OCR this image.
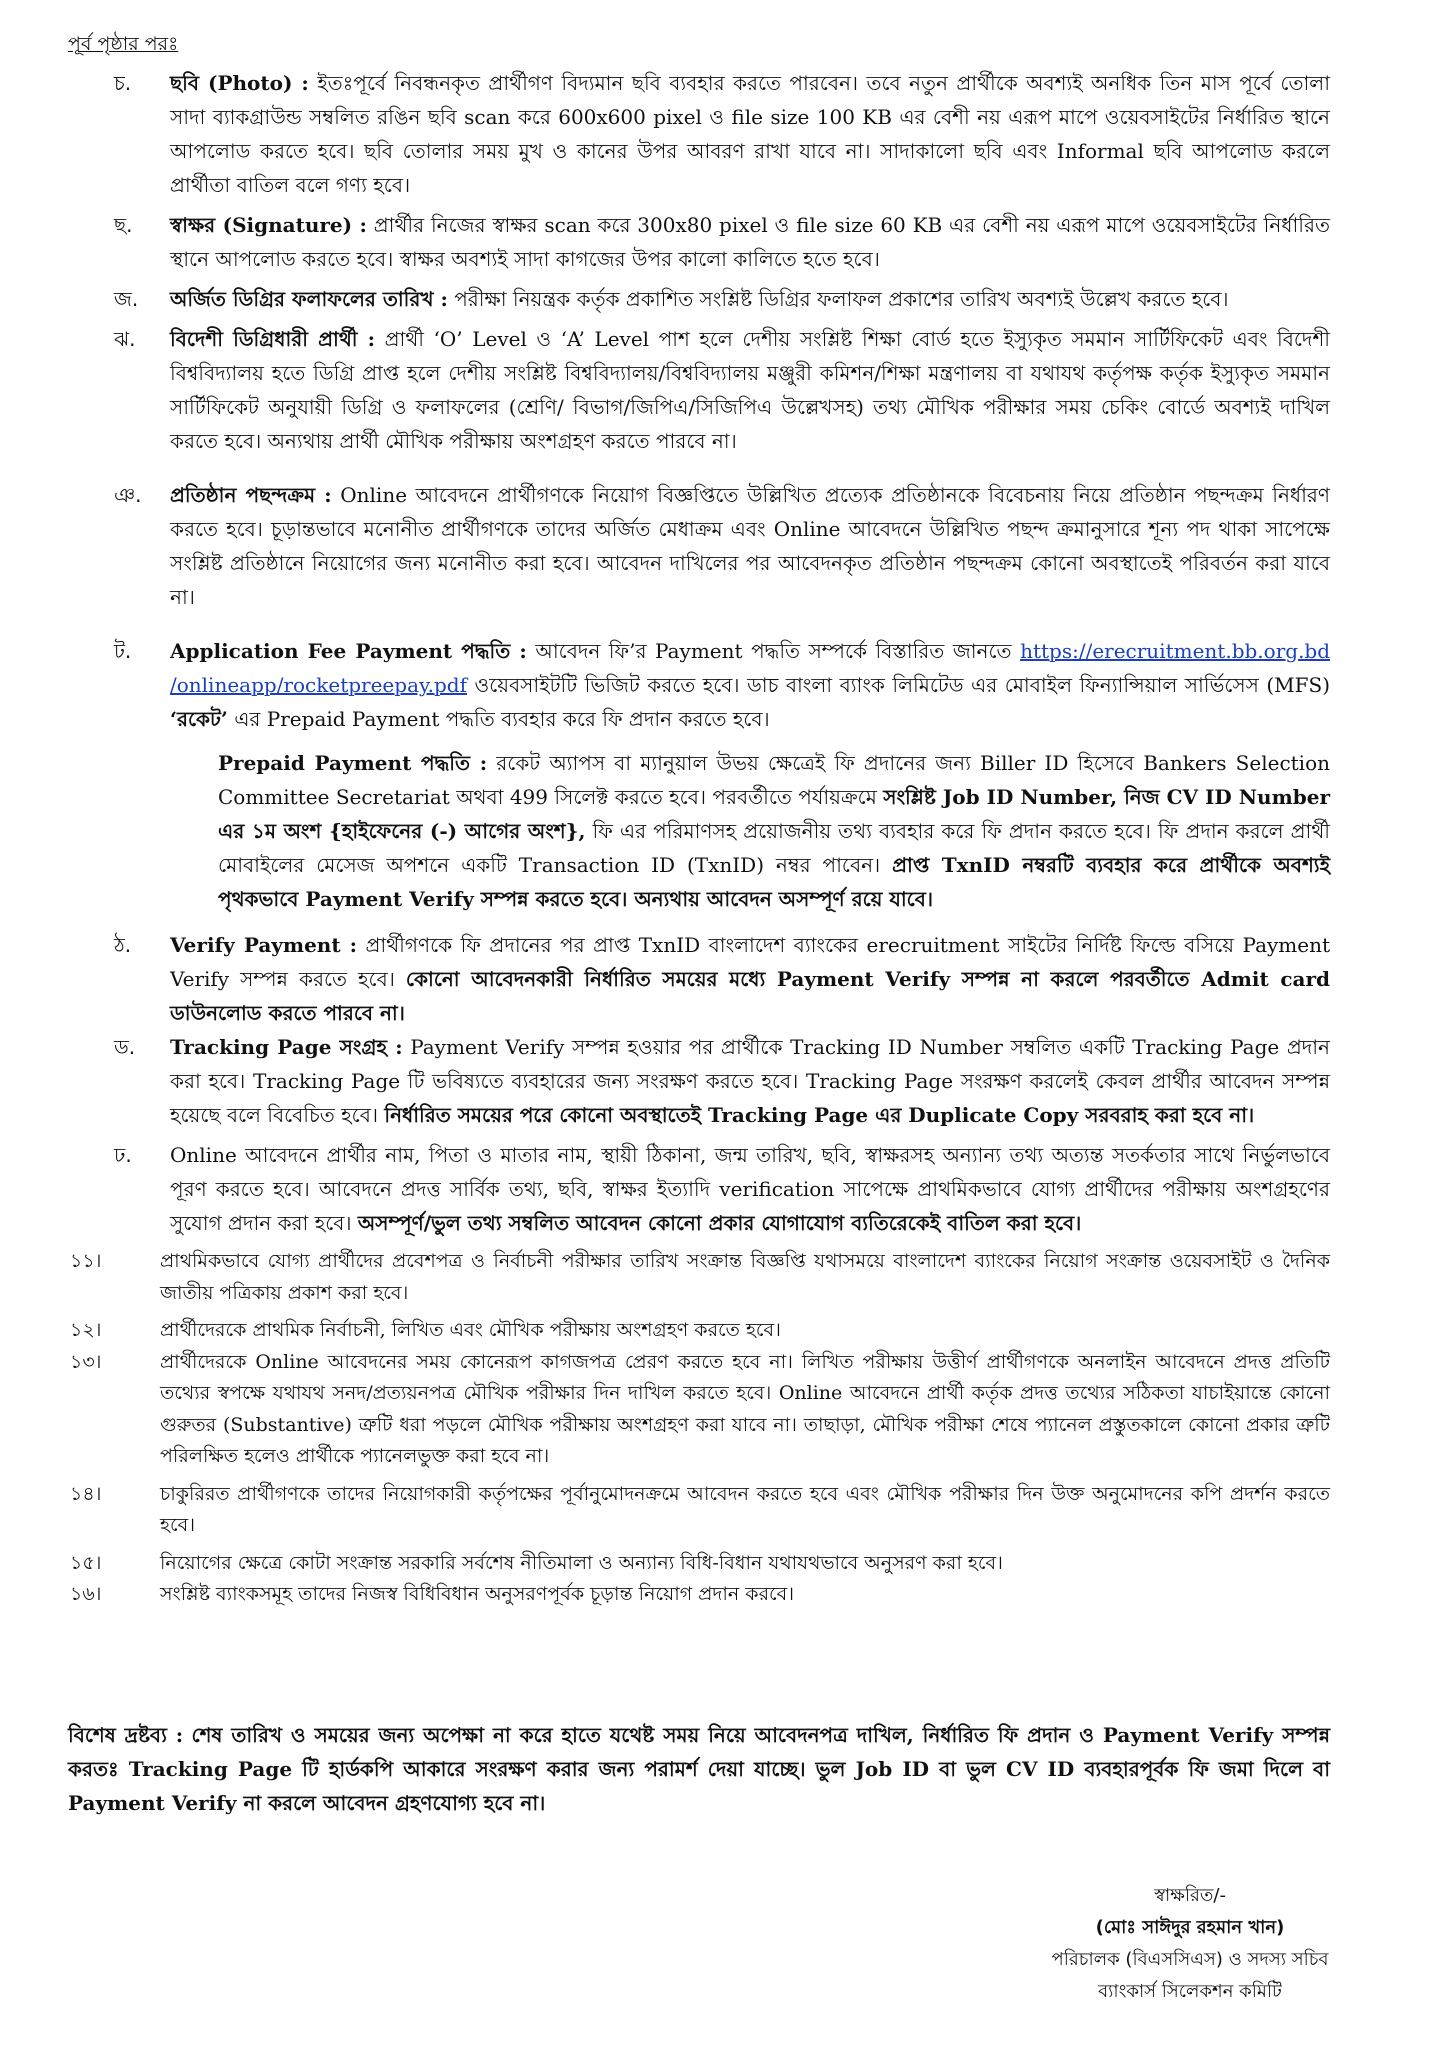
পূর্ব পৃষ্ঠার পরঃ
চ.	ছবি (Photo) : ইতঃপূর্বে নিবন্ধনকৃত প্রার্থীগণ বিদ্যমান ছবি ব্যবহার করতে পারবেন। তবে নতুন প্রার্থীকে অবশ্যই অনধিক তিন মাস পূর্বে তোলা সাদা ব্যাকগ্রাউন্ড সম্বলিত রঙিন ছবি scan করে 600x600 pixel ও file size 100 KB এর বেশী নয় এরূপ মাপে ওয়েবসাইটের নির্ধারিত স্থানে আপলোড করতে হবে। ছবি তোলার সময় মুখ ও কানের উপর আবরণ রাখা যাবে না। সাদাকালো ছবি এবং Informal ছবি আপলোড করলে প্রার্থীতা বাতিল বলে গণ্য হবে।
ছ.	স্বাক্ষর (Signature) : প্রার্থীর নিজের স্বাক্ষর scan করে 300x80 pixel ও file size 60 KB এর বেশী নয় এরূপ মাপে ওয়েবসাইটের নির্ধারিত স্থানে আপলোড করতে হবে। স্বাক্ষর অবশ্যই সাদা কাগজের উপর কালো কালিতে হতে হবে।
জ.	অর্জিত ডিগ্রির ফলাফলের তারিখ : পরীক্ষা নিয়ন্ত্রক কর্তৃক প্রকাশিত সংশ্লিষ্ট ডিগ্রির ফলাফল প্রকাশের তারিখ অবশ্যই উল্লেখ করতে হবে।
ঝ.	বিদেশী ডিগ্রিধারী প্রার্থী : প্রার্থী ‘O’ Level ও ‘A’ Level পাশ হলে দেশীয় সংশ্লিষ্ট শিক্ষা বোর্ড হতে ইস্যুকৃত সমমান সার্টিফিকেট এবং বিদেশী বিশ্ববিদ্যালয় হতে ডিগ্রি প্রাপ্ত হলে দেশীয় সংশ্লিষ্ট বিশ্ববিদ্যালয়/বিশ্ববিদ্যালয় মঞ্জুরী কমিশন/শিক্ষা মন্ত্রণালয় বা যথাযথ কর্তৃপক্ষ কর্তৃক ইস্যুকৃত সমমান সার্টিফিকেট অনুযায়ী ডিগ্রি ও ফলাফলের (শ্রেণি/ বিভাগ/জিপিএ/সিজিপিএ উল্লেখসহ) তথ্য মৌখিক পরীক্ষার সময় চেকিং বোর্ডে অবশ্যই দাখিল করতে হবে। অন্যথায় প্রার্থী মৌখিক পরীক্ষায় অংশগ্রহণ করতে পারবে না।
ঞ.	প্রতিষ্ঠান পছন্দক্রম : Online আবেদনে প্রার্থীগণকে নিয়োগ বিজ্ঞপ্তিতে উল্লিখিত প্রত্যেক প্রতিষ্ঠানকে বিবেচনায় নিয়ে প্রতিষ্ঠান পছন্দক্রম নির্ধারণ করতে হবে। চূড়ান্তভাবে মনোনীত প্রার্থীগণকে তাদের অর্জিত মেধাক্রম এবং Online আবেদনে উল্লিখিত পছন্দ ক্রমানুসারে শূন্য পদ থাকা সাপেক্ষে সংশ্লিষ্ট প্রতিষ্ঠানে নিয়োগের জন্য মনোনীত করা হবে। আবেদন দাখিলের পর আবেদনকৃত প্রতিষ্ঠান পছন্দক্রম কোনো অবস্থাতেই পরিবর্তন করা যাবে না।
ট.	Application Fee Payment পদ্ধতি : আবেদন ফি’র Payment পদ্ধতি সম্পর্কে বিস্তারিত জানতে https://erecruitment.bb.org.bd /onlineapp/rocketpreepay.pdf ওয়েবসাইটটি ভিজিট করতে হবে। ডাচ বাংলা ব্যাংক লিমিটেড এর মোবাইল ফিন্যান্সিয়াল সার্ভিসেস (MFS) ‘রকেট’ এর Prepaid Payment পদ্ধতি ব্যবহার করে ফি প্রদান করতে হবে।
Prepaid Payment পদ্ধতি : রকেট অ্যাপস বা ম্যানুয়াল উভয় ক্ষেত্রেই ফি প্রদানের জন্য Biller ID হিসেবে Bankers Selection Committee Secretariat অথবা 499 সিলেক্ট করতে হবে। পরবর্তীতে পর্যায়ক্রমে সংশ্লিষ্ট Job ID Number, নিজ CV ID Number এর ১ম অংশ {হাইফেনের (-) আগের অংশ}, ফি এর পরিমাণসহ প্রয়োজনীয় তথ্য ব্যবহার করে ফি প্রদান করতে হবে। ফি প্রদান করলে প্রার্থী মোবাইলের মেসেজ অপশনে একটি Transaction ID (TxnID) নম্বর পাবেন। প্রাপ্ত TxnID নম্বরটি ব্যবহার করে প্রার্থীকে অবশ্যই পৃথকভাবে Payment Verify সম্পন্ন করতে হবে। অন্যথায় আবেদন অসম্পূর্ণ রয়ে যাবে।
ঠ.	Verify Payment : প্রার্থীগণকে ফি প্রদানের পর প্রাপ্ত TxnID বাংলাদেশ ব্যাংকের erecruitment সাইটের নির্দিষ্ট ফিল্ডে বসিয়ে Payment Verify সম্পন্ন করতে হবে। কোনো আবেদনকারী নির্ধারিত সময়ের মধ্যে Payment Verify সম্পন্ন না করলে পরবর্তীতে Admit card ডাউনলোড করতে পারবে না।
ড.	Tracking Page সংগ্রহ : Payment Verify সম্পন্ন হওয়ার পর প্রার্থীকে Tracking ID Number সম্বলিত একটি Tracking Page প্রদান করা হবে। Tracking Page টি ভবিষ্যতে ব্যবহারের জন্য সংরক্ষণ করতে হবে। Tracking Page সংরক্ষণ করলেই কেবল প্রার্থীর আবেদন সম্পন্ন হয়েছে বলে বিবেচিত হবে। নির্ধারিত সময়ের পরে কোনো অবস্থাতেই Tracking Page এর Duplicate Copy সরবরাহ করা হবে না।
ঢ.	Online আবেদনে প্রার্থীর নাম, পিতা ও মাতার নাম, স্থায়ী ঠিকানা, জন্ম তারিখ, ছবি, স্বাক্ষরসহ অন্যান্য তথ্য অত্যন্ত সতর্কতার সাথে নির্ভুলভাবে পূরণ করতে হবে। আবেদনে প্রদত্ত সার্বিক তথ্য, ছবি, স্বাক্ষর ইত্যাদি verification সাপেক্ষে প্রাথমিকভাবে যোগ্য প্রার্থীদের পরীক্ষায় অংশগ্রহণের সুযোগ প্রদান করা হবে। অসম্পূর্ণ/ভুল তথ্য সম্বলিত আবেদন কোনো প্রকার যোগাযোগ ব্যতিরেকেই বাতিল করা হবে।
১১।	প্রাথমিকভাবে যোগ্য প্রার্থীদের প্রবেশপত্র ও নির্বাচনী পরীক্ষার তারিখ সংক্রান্ত বিজ্ঞপ্তি যথাসময়ে বাংলাদেশ ব্যাংকের নিয়োগ সংক্রান্ত ওয়েবসাইট ও দৈনিক জাতীয় পত্রিকায় প্রকাশ করা হবে।
১২।	প্রার্থীদেরকে প্রাথমিক নির্বাচনী, লিখিত এবং মৌখিক পরীক্ষায় অংশগ্রহণ করতে হবে।
১৩।	প্রার্থীদেরকে Online আবেদনের সময় কোনেরূপ কাগজপত্র প্রেরণ করতে হবে না। লিখিত পরীক্ষায় উত্তীর্ণ প্রার্থীগণকে অনলাইন আবেদনে প্রদত্ত প্রতিটি তথ্যের স্বপক্ষে যথাযথ সনদ/প্রত্যয়নপত্র মৌখিক পরীক্ষার দিন দাখিল করতে হবে। Online আবেদনে প্রার্থী কর্তৃক প্রদত্ত তথ্যের সঠিকতা যাচাইয়ান্তে কোনো গুরুতর (Substantive) ত্রুটি ধরা পড়লে মৌখিক পরীক্ষায় অংশগ্রহণ করা যাবে না। তাছাড়া, মৌখিক পরীক্ষা শেষে প্যানেল প্রস্তুতকালে কোনো প্রকার ত্রুটি পরিলক্ষিত হলেও প্রার্থীকে প্যানেলভুক্ত করা হবে না।
১৪।	চাকুরিরত প্রার্থীগণকে তাদের নিয়োগকারী কর্তৃপক্ষের পূর্বানুমোদনক্রমে আবেদন করতে হবে এবং মৌখিক পরীক্ষার দিন উক্ত অনুমোদনের কপি প্রদর্শন করতে হবে।
১৫।	নিয়োগের ক্ষেত্রে কোটা সংক্রান্ত সরকারি সর্বশেষ নীতিমালা ও অন্যান্য বিধি-বিধান যথাযথভাবে অনুসরণ করা হবে।
১৬।	সংশ্লিষ্ট ব্যাংকসমূহ তাদের নিজস্ব বিধিবিধান অনুসরণপূর্বক চূড়ান্ত নিয়োগ প্রদান করবে।
বিশেষ দ্রষ্টব্য : শেষ তারিখ ও সময়ের জন্য অপেক্ষা না করে হাতে যথেষ্ট সময় নিয়ে আবেদনপত্র দাখিল, নির্ধারিত ফি প্রদান ও Payment Verify সম্পন্ন করতঃ Tracking Page টি হার্ডকপি আকারে সংরক্ষণ করার জন্য পরামর্শ দেয়া যাচ্ছে। ভুল Job ID বা ভুল CV ID ব্যবহারপূর্বক ফি জমা দিলে বা Payment Verify না করলে আবেদন গ্রহণযোগ্য হবে না।
স্বাক্ষরিত/-
(মোঃ সাঈদুর রহমান খান)
পরিচালক (বিএসসিএস) ও সদস্য সচিব
ব্যাংকার্স সিলেকশন কমিটি
